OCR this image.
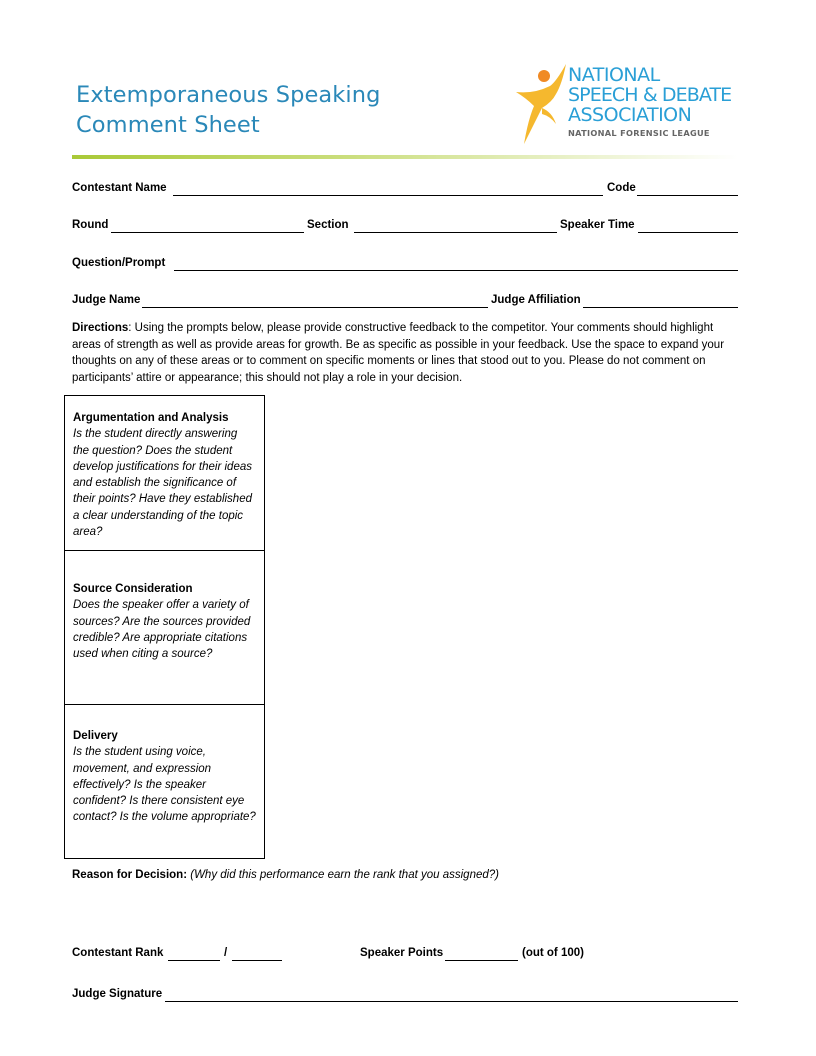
Extemporaneous Speaking
Comment Sheet
NATIONAL
SPEECH & DEBATE
ASSOCIATION
NATIONAL FORENSIC LEAGUE
Contestant Name	Code
Round	Section	Speaker Time
Question/Prompt
Judge Name	Judge Affiliation
Directions: Using the prompts below, please provide constructive feedback to the competitor. Your comments should highlight areas of strength as well as provide areas for growth. Be as specific as possible in your feedback. Use the space to expand your thoughts on any of these areas or to comment on specific moments or lines that stood out to you. Please do not comment on participants’ attire or appearance; this should not play a role in your decision.
Argumentation and Analysis
Is the student directly answering the question? Does the student develop justifications for their ideas and establish the significance of their points? Have they established a clear understanding of the topic area?
Source Consideration
Does the speaker offer a variety of sources? Are the sources provided credible? Are appropriate citations used when citing a source?
Delivery
Is the student using voice, movement, and expression effectively? Is the speaker confident? Is there consistent eye contact? Is the volume appropriate?
Reason for Decision: (Why did this performance earn the rank that you assigned?)
Contestant Rank	/	Speaker Points	(out of 100)
Judge Signature
